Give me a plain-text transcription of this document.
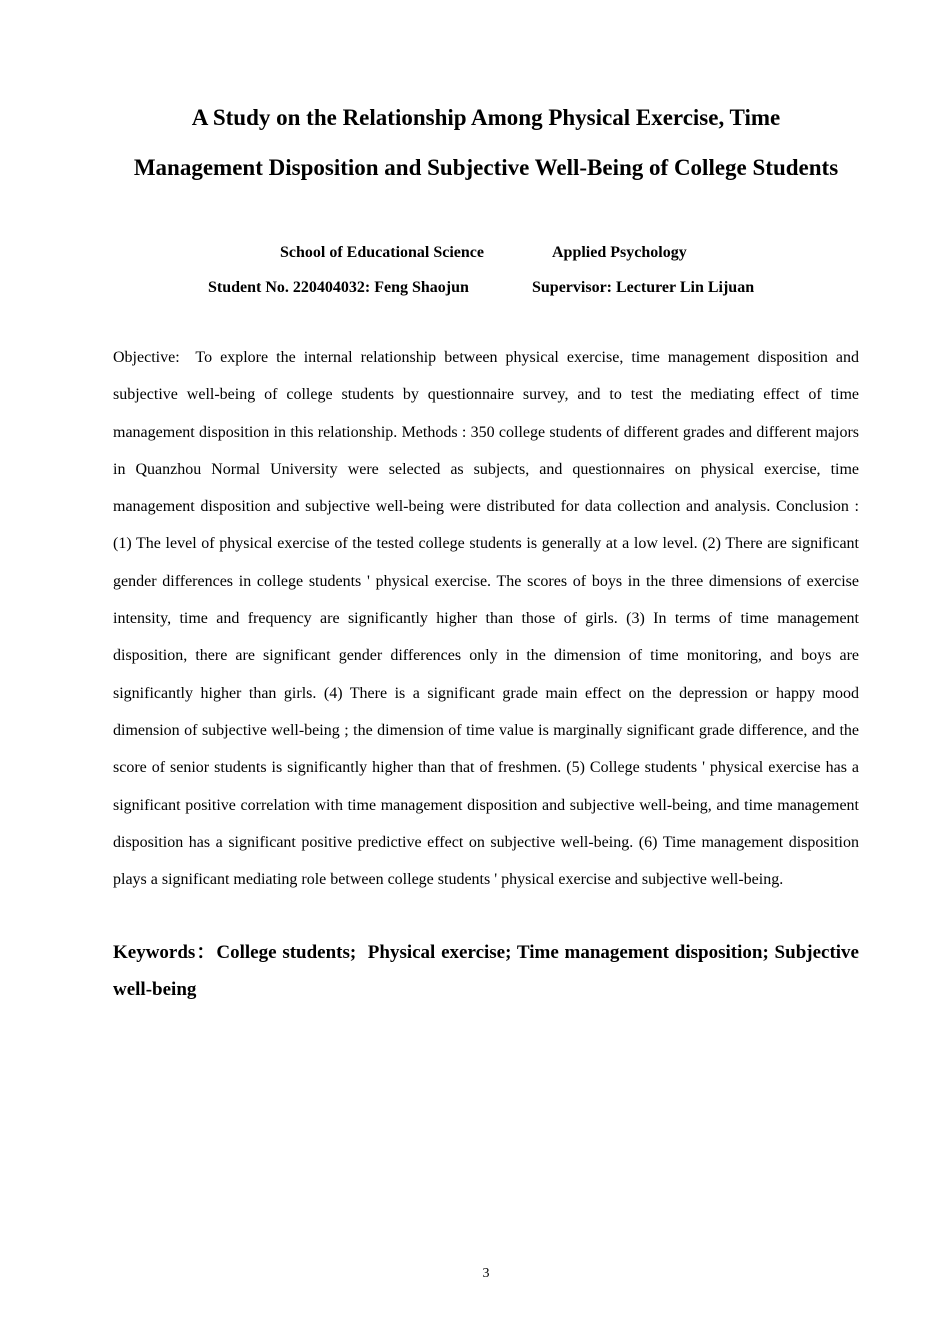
A Study on the Relationship Among Physical Exercise, Time
Management Disposition and Subjective Well-Being of College Students
School of Educational Science	Applied Psychology
Student No. 220404032: Feng Shaojun	Supervisor: Lecturer Lin Lijuan

Objective:  To explore the internal relationship between physical exercise, time management disposition and subjective well-being of college students by questionnaire survey, and to test the mediating effect of time management disposition in this relationship. Methods : 350 college students of different grades and different majors in Quanzhou Normal University were selected as subjects, and questionnaires on physical exercise, time management disposition and subjective well-being were distributed for data collection and analysis. Conclusion : (1) The level of physical exercise of the tested college students is generally at a low level. (2) There are significant gender differences in college students ' physical exercise. The scores of boys in the three dimensions of exercise intensity, time and frequency are significantly higher than those of girls. (3) In terms of time management disposition, there are significant gender differences only in the dimension of time monitoring, and boys are significantly higher than girls. (4) There is a significant grade main effect on the depression or happy mood dimension of subjective well-being ; the dimension of time value is marginally significant grade difference, and the score of senior students is significantly higher than that of freshmen. (5) College students ' physical exercise has a significant positive correlation with time management disposition and subjective well-being, and time management disposition has a significant positive predictive effect on subjective well-being. (6) Time management disposition plays a significant mediating role between college students ' physical exercise and subjective well-being.

Keywords：College students;  Physical exercise; Time management disposition; Subjective well-being

3
